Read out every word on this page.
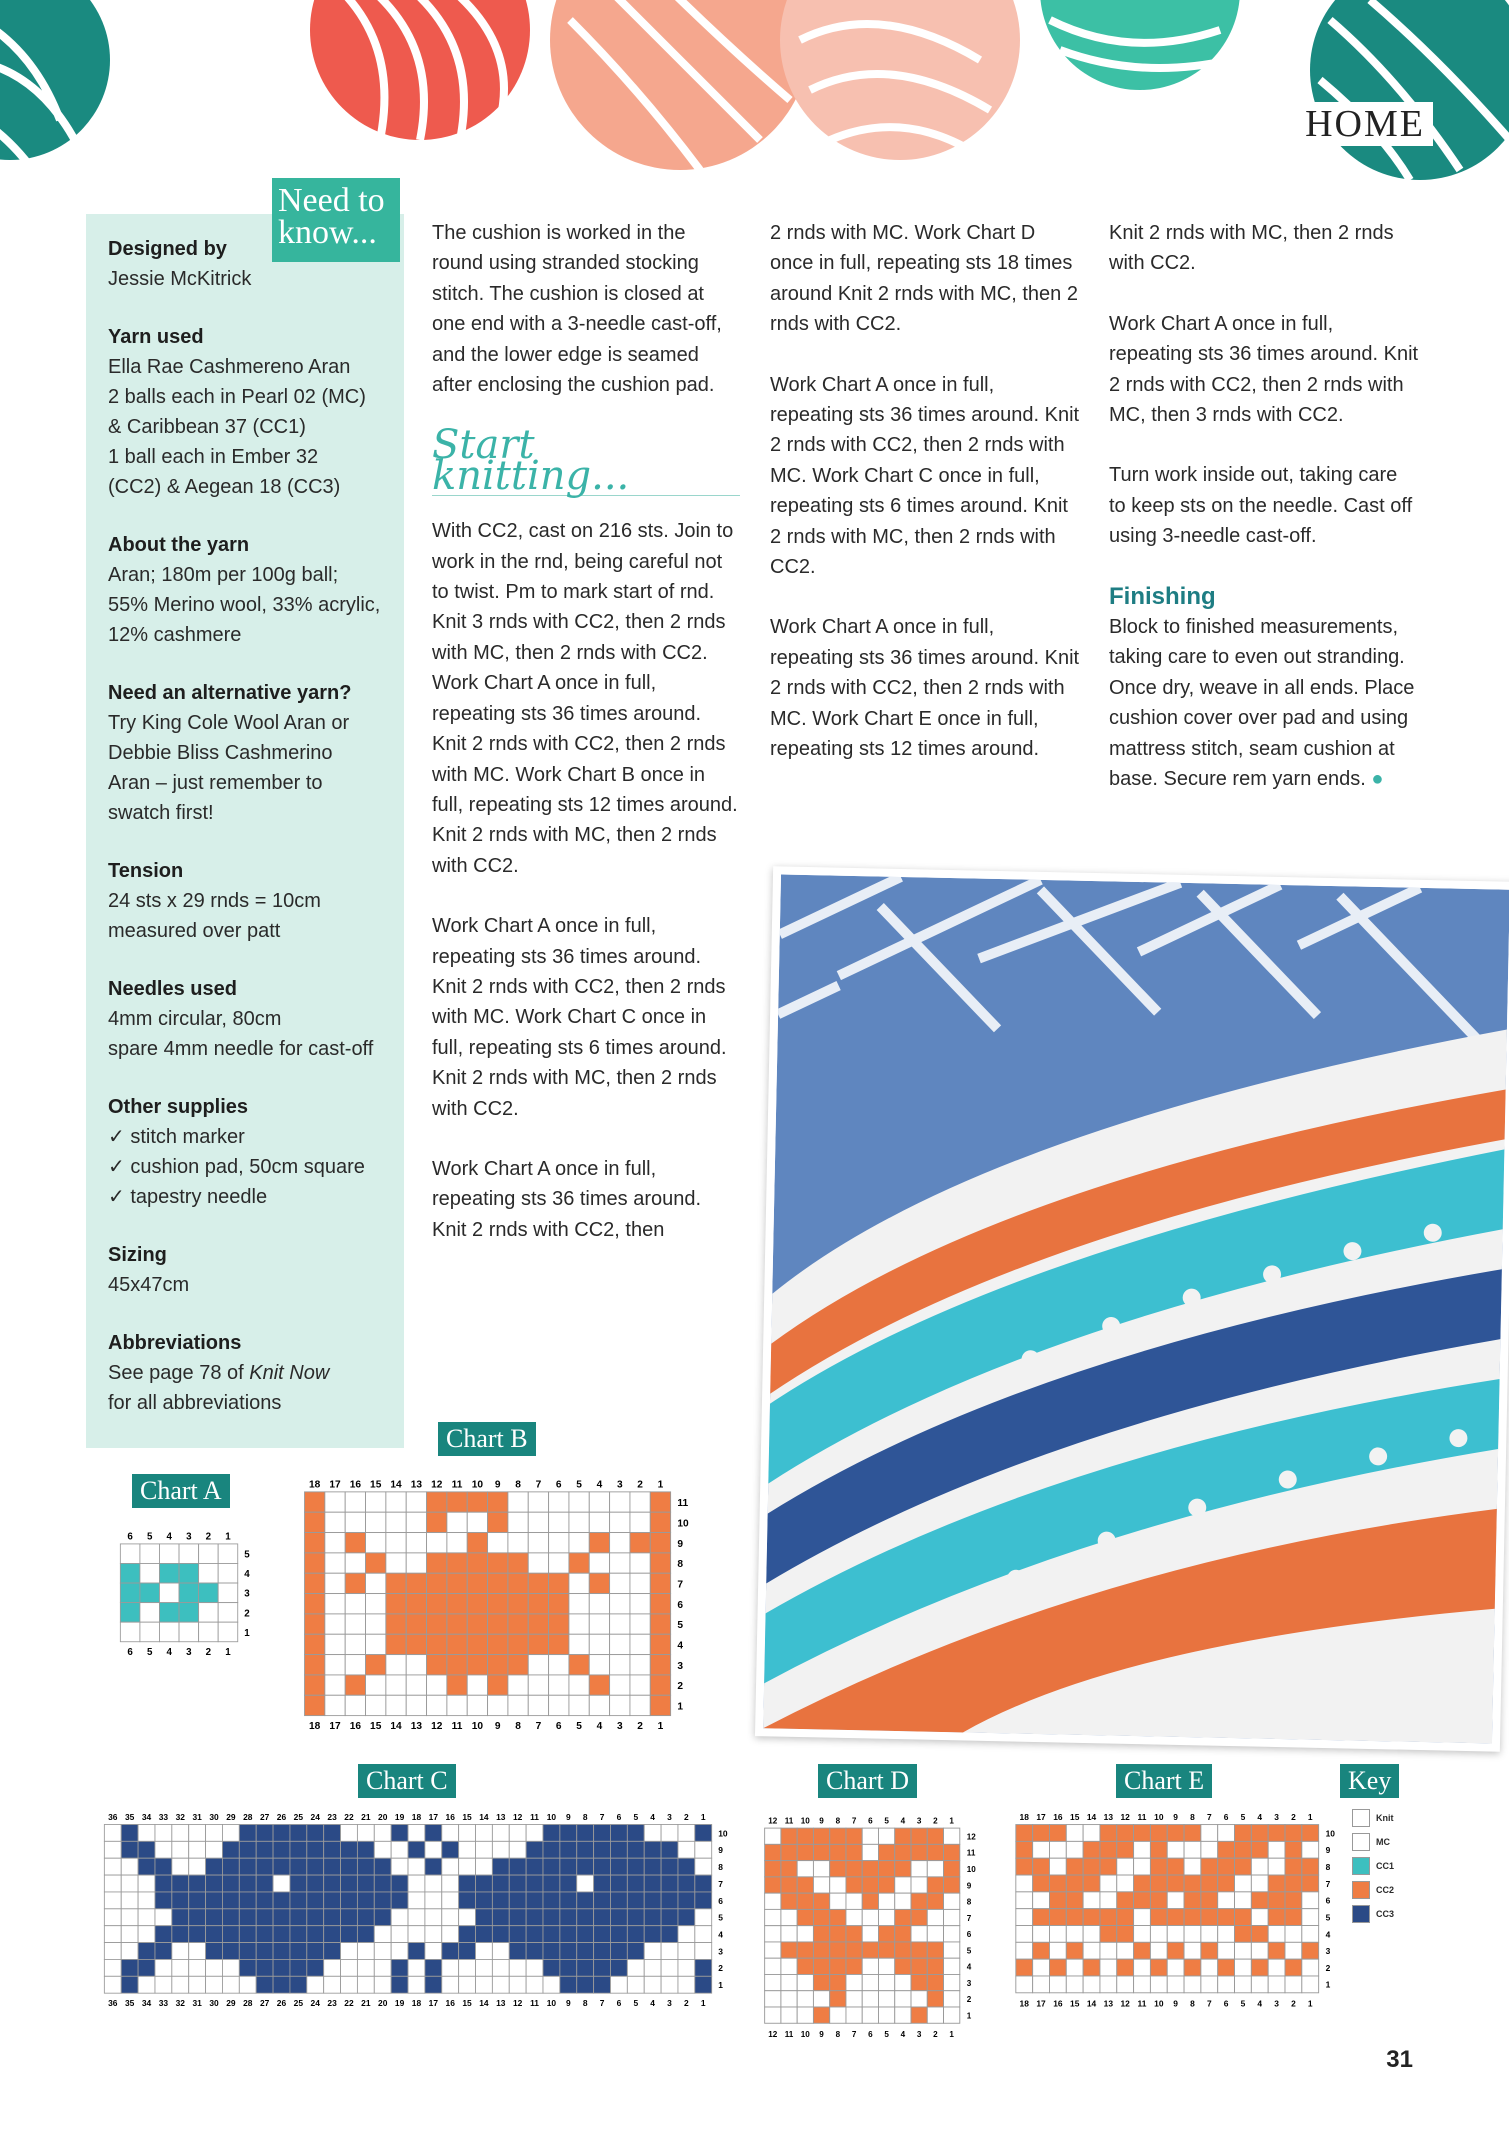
HOME
Designed by
Jessie McKitrick
Yarn used
Ella Rae Cashmereno Aran
2 balls each in Pearl 02 (MC)
& Caribbean 37 (CC1)
1 ball each in Ember 32
(CC2) & Aegean 18 (CC3)
About the yarn
Aran; 180m per 100g ball;
55% Merino wool, 33% acrylic,
12% cashmere
Need an alternative yarn?
Try King Cole Wool Aran or
Debbie Bliss Cashmerino
Aran – just remember to
swatch first!
Tension
24 sts x 29 rnds = 10cm
measured over patt
Needles used
4mm circular, 80cm
spare 4mm needle for cast-off
Other supplies
✓ stitch marker
✓ cushion pad, 50cm square
✓ tapestry needle
Sizing
45x47cm
Abbreviations
See page 78 of Knit Now
for all abbreviations
Need to know...	The cushion is worked in the round using stranded stocking stitch. The cushion is closed at one end with a 3-needle cast-off, and the lower edge is seamed after enclosing the cushion pad.

Start knitting...

With CC2, cast on 216 sts. Join to work in the rnd, being careful not to twist. Pm to mark start of rnd. Knit 3 rnds with CC2, then 2 rnds with MC, then 2 rnds with CC2. Work Chart A once in full, repeating sts 36 times around. Knit 2 rnds with CC2, then 2 rnds with MC. Work Chart B once in full, repeating sts 12 times around. Knit 2 rnds with MC, then 2 rnds with CC2.

Work Chart A once in full, repeating sts 36 times around. Knit 2 rnds with CC2, then 2 rnds with MC. Work Chart C once in full, repeating sts 6 times around. Knit 2 rnds with MC, then 2 rnds with CC2.

Work Chart A once in full, repeating sts 36 times around. Knit 2 rnds with CC2, then

2 rnds with MC. Work Chart D once in full, repeating sts 18 times around Knit 2 rnds with MC, then 2 rnds with CC2.

Work Chart A once in full, repeating sts 36 times around. Knit 2 rnds with CC2, then 2 rnds with MC. Work Chart C once in full, repeating sts 6 times around. Knit 2 rnds with MC, then 2 rnds with CC2.

Work Chart A once in full, repeating sts 36 times around. Knit 2 rnds with CC2, then 2 rnds with MC. Work Chart E once in full, repeating sts 12 times around.

Knit 2 rnds with MC, then 2 rnds with CC2.

Work Chart A once in full, repeating sts 36 times around. Knit 2 rnds with CC2, then 2 rnds with MC, then 3 rnds with CC2.

Turn work inside out, taking care to keep sts on the needle. Cast off using 3-needle cast-off.

Finishing

Block to finished measurements, taking care to even out stranding. Once dry, weave in all ends. Place cushion cover over pad and using mattress stitch, seam cushion at base. Secure rem yarn ends. ●

Chart A
6
6
5
5
4
4
3
3
2
2
1
1
5
4
3
2
1
Chart B
18
18
17
17
16
16
15
15
14
14
13
13
12
12
11
11
10
10
9
9
8
8
7
7
6
6
5
5
4
4
3
3
2
2
1
1
11
10
9
8
7
6
5
4
3
2
1
Chart C
36
36
35
35
34
34
33
33
32
32
31
31
30
30
29
29
28
28
27
27
26
26
25
25
24
24
23
23
22
22
21
21
20
20
19
19
18
18
17
17
16
16
15
15
14
14
13
13
12
12
11
11
10
10
9
9
8
8
7
7
6
6
5
5
4
4
3
3
2
2
1
1
10
9
8
7
6
5
4
3
2
1
Chart D
12
12
11
11
10
10
9
9
8
8
7
7
6
6
5
5
4
4
3
3
2
2
1
1
12
11
10
9
8
7
6
5
4
3
2
1
Chart E
18
18
17
17
16
16
15
15
14
14
13
13
12
12
11
11
10
10
9
9
8
8
7
7
6
6
5
5
4
4
3
3
2
2
1
1
10
9
8
7
6
5
4
3
2
1
Key
Knit
MC
CC1
CC2
CC3
31
